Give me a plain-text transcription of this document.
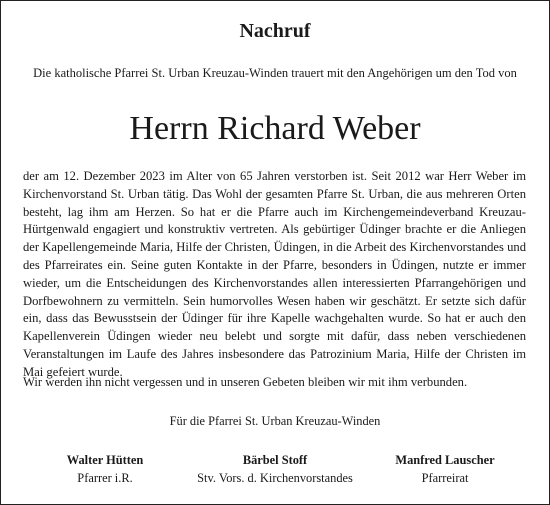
Nachruf
Die katholische Pfarrei St. Urban Kreuzau-Winden trauert mit den Angehörigen um den Tod von
Herrn Richard Weber
der am 12. Dezember 2023 im Alter von 65 Jahren verstorben ist. Seit 2012 war Herr Weber im Kirchenvorstand St. Urban tätig. Das Wohl der gesamten Pfarre St. Urban, die aus mehreren Orten besteht, lag ihm am Herzen. So hat er die Pfarre auch im Kirchengemeindeverband Kreuzau-Hürtgenwald engagiert und konstruktiv vertreten. Als gebürtiger Üdinger brachte er die Anliegen der Kapellengemeinde Maria, Hilfe der Christen, Üdingen, in die Arbeit des Kirchenvorstandes und des Pfarreirates ein. Seine guten Kontakte in der Pfarre, besonders in Üdingen, nutzte er immer wieder, um die Entscheidungen des Kirchenvorstandes allen interessierten Pfarrangehörigen und Dorfbewohnern zu vermitteln. Sein humorvolles Wesen haben wir geschätzt. Er setzte sich dafür ein, dass das Bewusstsein der Üdinger für ihre Kapelle wachgehalten wurde. So hat er auch den Kapellenverein Üdingen wieder neu belebt und sorgte mit dafür, dass neben verschiedenen Veranstaltungen im Laufe des Jahres insbesondere das Patrozinium Maria, Hilfe der Christen im Mai gefeiert wurde.
Wir werden ihn nicht vergessen und in unseren Gebeten bleiben wir mit ihm verbunden.
Für die Pfarrei St. Urban Kreuzau-Winden
Walter Hütten
Pfarrer i.R.
Bärbel Stoff
Stv. Vors. d. Kirchenvorstandes
Manfred Lauscher
Pfarreirat
